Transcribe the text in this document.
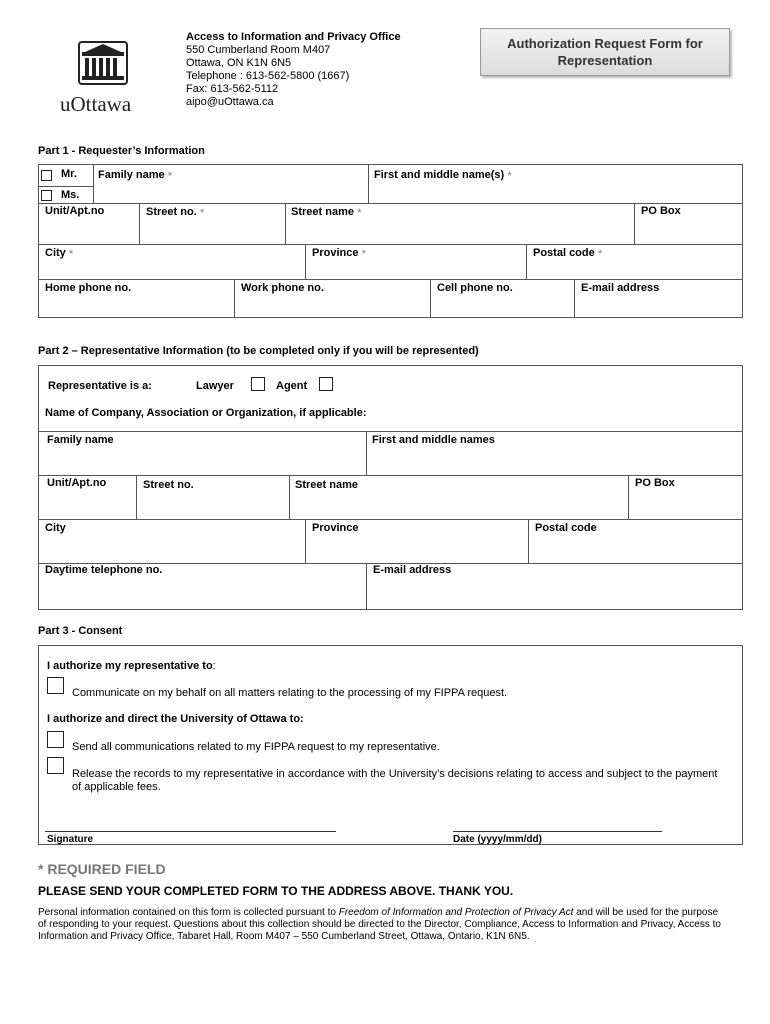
uOttawa
Access to Information and Privacy Office
550 Cumberland Room M407
Ottawa, ON K1N 6N5
Telephone : 613-562-5800 (1667)
Fax: 613-562-5112
aipo@uOttawa.ca
Authorization Request Form for
Representation
Part 1 - Requester’s Information
Mr.
Ms.
Family name *	First and middle name(s) *
Unit/Apt.no	Street no. *	Street name *	PO Box
City *	Province *	Postal code *
Home phone no.	Work phone no.	Cell phone no.	E-mail address
Part 2 – Representative Information (to be completed only if you will be represented)
Representative is a:	Lawyer	Agent
Name of Company, Association or Organization, if applicable:
Family name	First and middle names
Unit/Apt.no	Street no.	Street name	PO Box
City	Province	Postal code
Daytime telephone no.	E-mail address
Part 3 - Consent
I authorize my representative to:
Communicate on my behalf on all matters relating to the processing of my FIPPA request.
I authorize and direct the University of Ottawa to:
Send all communications related to my FIPPA request to my representative.
Release the records to my representative in accordance with the University’s decisions relating to access and subject to the payment
of applicable fees.
Signature	Date (yyyy/mm/dd)
* REQUIRED FIELD
PLEASE SEND YOUR COMPLETED FORM TO THE ADDRESS ABOVE. THANK YOU.
Personal information contained on this form is collected pursuant to Freedom of Information and Protection of Privacy Act and will be used for the purpose
of responding to your request. Questions about this collection should be directed to the Director, Compliance, Access to Information and Privacy, Access to
Information and Privacy Office, Tabaret Hall, Room M407 – 550 Cumberland Street, Ottawa, Ontario, K1N 6N5.
